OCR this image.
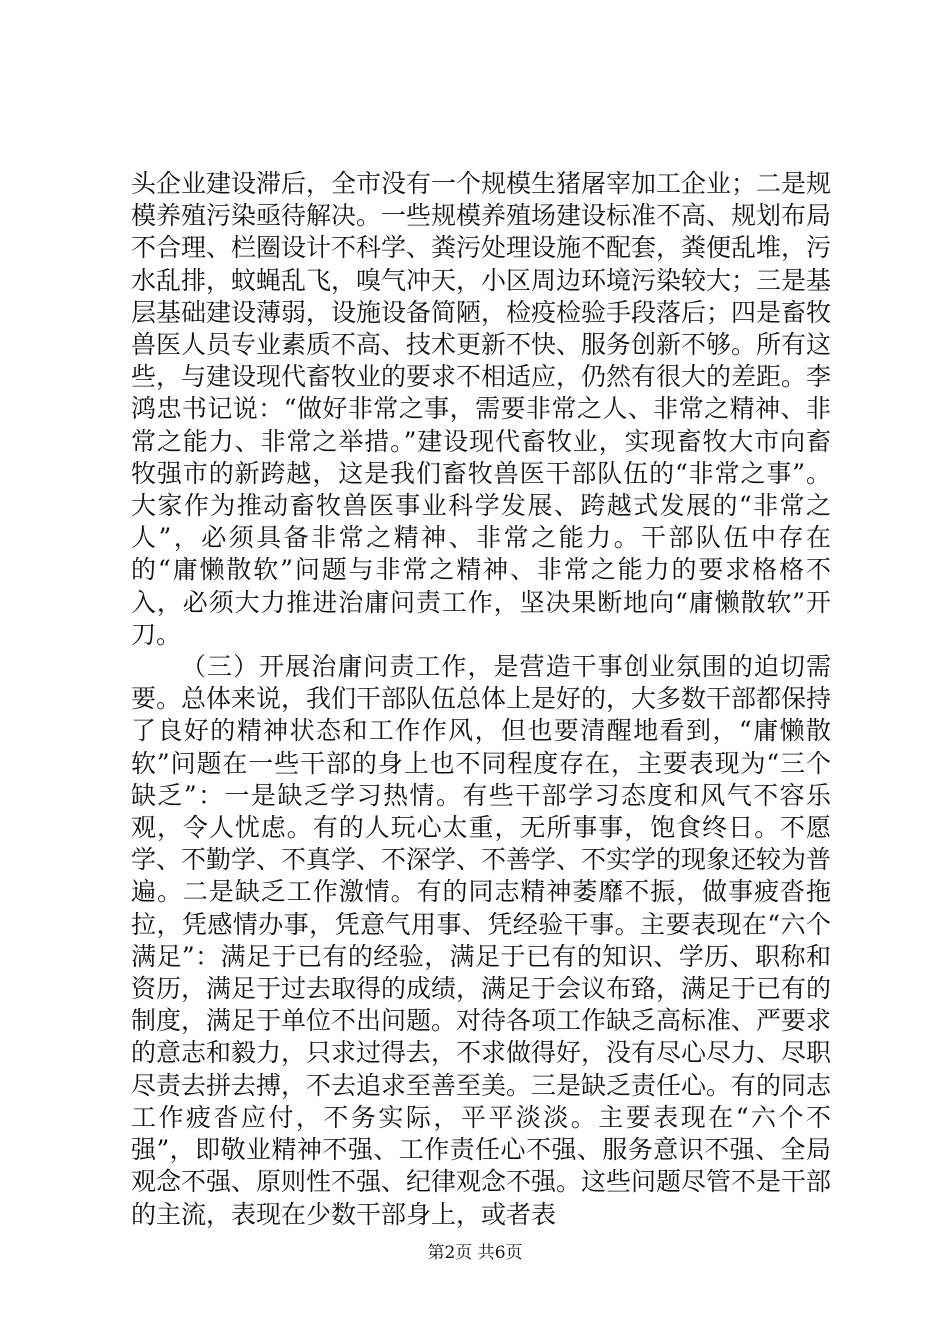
头企业建设滞后，全市没有一个规模生猪屠宰加工企业；二是规模养殖污染亟待解决。一些规模养殖场建设标准不高、规划布局不合理、栏圈设计不科学、粪污处理设施不配套，粪便乱堆，污水乱排，蚊蝇乱飞，嗅气冲天，小区周边环境污染较大；三是基层基础建设薄弱，设施设备简陋，检疫检验手段落后；四是畜牧兽医人员专业素质不高、技术更新不快、服务创新不够。所有这些，与建设现代畜牧业的要求不相适应，仍然有很大的差距。李鸿忠书记说：“做好非常之事，需要非常之人、非常之精神、非常之能力、非常之举措。”建设现代畜牧业，实现畜牧大市向畜牧强市的新跨越，这是我们畜牧兽医干部队伍的“非常之事”。大家作为推动畜牧兽医事业科学发展、跨越式发展的“非常之人”，必须具备非常之精神、非常之能力。干部队伍中存在的“庸懒散软”问题与非常之精神、非常之能力的要求格格不入，必须大力推进治庸问责工作，坚决果断地向“庸懒散软”开刀。

（三）开展治庸问责工作，是营造干事创业氛围的迫切需要。总体来说，我们干部队伍总体上是好的，大多数干部都保持了良好的精神状态和工作作风，但也要清醒地看到，“庸懒散软”问题在一些干部的身上也不同程度存在，主要表现为“三个缺乏”：一是缺乏学习热情。有些干部学习态度和风气不容乐观，令人忧虑。有的人玩心太重，无所事事，饱食终日。不愿学、不勤学、不真学、不深学、不善学、不实学的现象还较为普遍。二是缺乏工作激情。有的同志精神萎靡不振，做事疲沓拖拉，凭感情办事，凭意气用事、凭经验干事。主要表现在“六个满足”：满足于已有的经验，满足于已有的知识、学历、职称和资历，满足于过去取得的成绩，满足于会议布臵，满足于已有的制度，满足于单位不出问题。对待各项工作缺乏高标准、严要求的意志和毅力，只求过得去，不求做得好，没有尽心尽力、尽职尽责去拼去搏，不去追求至善至美。三是缺乏责任心。有的同志工作疲沓应付，不务实际，平平淡淡。主要表现在“六个不强”，即敬业精神不强、工作责任心不强、服务意识不强、全局观念不强、原则性不强、纪律观念不强。这些问题尽管不是干部的主流，表现在少数干部身上，或者表

第2页 共6页
